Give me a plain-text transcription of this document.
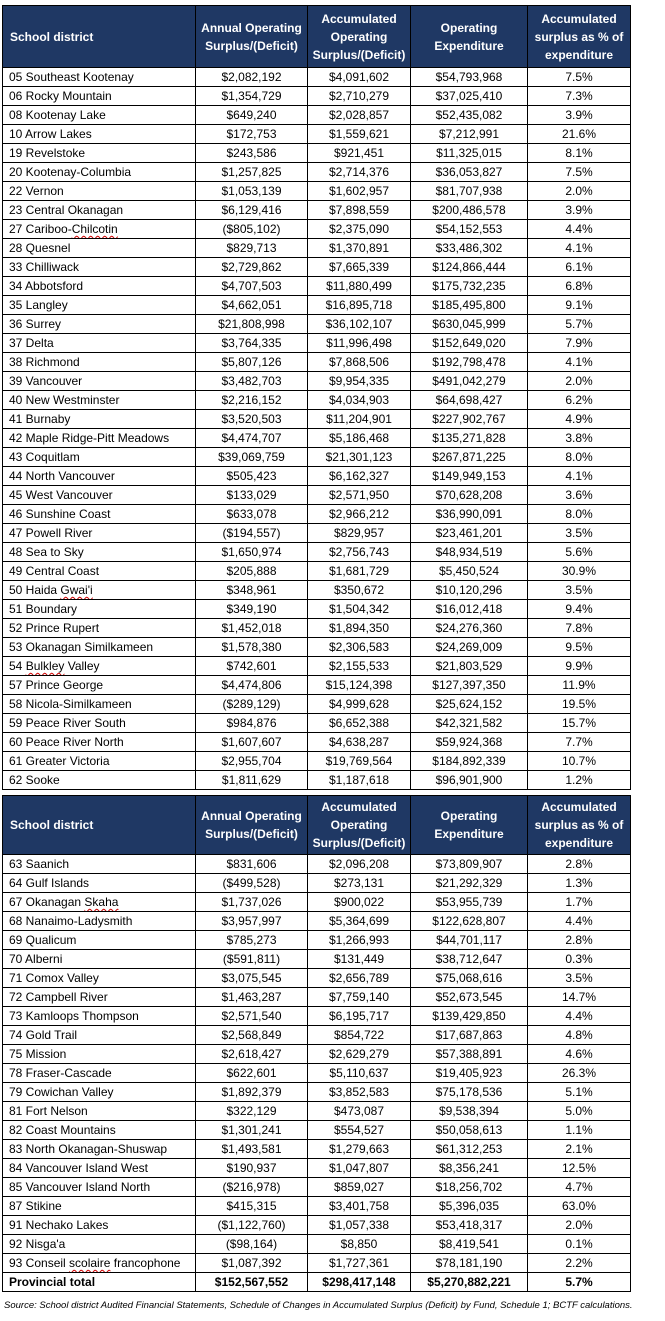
School district	Annual Operating Surplus/(Deficit)	Accumulated Operating Surplus/(Deficit)	Operating Expenditure	Accumulated surplus as % of expenditure
05 Southeast Kootenay	$2,082,192	$4,091,602	$54,793,968	7.5%
06 Rocky Mountain	$1,354,729	$2,710,279	$37,025,410	7.3%
08 Kootenay Lake	$649,240	$2,028,857	$52,435,082	3.9%
10 Arrow Lakes	$172,753	$1,559,621	$7,212,991	21.6%
19 Revelstoke	$243,586	$921,451	$11,325,015	8.1%
20 Kootenay-Columbia	$1,257,825	$2,714,376	$36,053,827	7.5%
22 Vernon	$1,053,139	$1,602,957	$81,707,938	2.0%
23 Central Okanagan	$6,129,416	$7,898,559	$200,486,578	3.9%
27 Cariboo-Chilcotin	($805,102)	$2,375,090	$54,152,553	4.4%
28 Quesnel	$829,713	$1,370,891	$33,486,302	4.1%
33 Chilliwack	$2,729,862	$7,665,339	$124,866,444	6.1%
34 Abbotsford	$4,707,503	$11,880,499	$175,732,235	6.8%
35 Langley	$4,662,051	$16,895,718	$185,495,800	9.1%
36 Surrey	$21,808,998	$36,102,107	$630,045,999	5.7%
37 Delta	$3,764,335	$11,996,498	$152,649,020	7.9%
38 Richmond	$5,807,126	$7,868,506	$192,798,478	4.1%
39 Vancouver	$3,482,703	$9,954,335	$491,042,279	2.0%
40 New Westminster	$2,216,152	$4,034,903	$64,698,427	6.2%
41 Burnaby	$3,520,503	$11,204,901	$227,902,767	4.9%
42 Maple Ridge-Pitt Meadows	$4,474,707	$5,186,468	$135,271,828	3.8%
43 Coquitlam	$39,069,759	$21,301,123	$267,871,225	8.0%
44 North Vancouver	$505,423	$6,162,327	$149,949,153	4.1%
45 West Vancouver	$133,029	$2,571,950	$70,628,208	3.6%
46 Sunshine Coast	$633,078	$2,966,212	$36,990,091	8.0%
47 Powell River	($194,557)	$829,957	$23,461,201	3.5%
48 Sea to Sky	$1,650,974	$2,756,743	$48,934,519	5.6%
49 Central Coast	$205,888	$1,681,729	$5,450,524	30.9%
50 Haida Gwai'i	$348,961	$350,672	$10,120,296	3.5%
51 Boundary	$349,190	$1,504,342	$16,012,418	9.4%
52 Prince Rupert	$1,452,018	$1,894,350	$24,276,360	7.8%
53 Okanagan Similkameen	$1,578,380	$2,306,583	$24,269,009	9.5%
54 Bulkley Valley	$742,601	$2,155,533	$21,803,529	9.9%
57 Prince George	$4,474,806	$15,124,398	$127,397,350	11.9%
58 Nicola-Similkameen	($289,129)	$4,999,628	$25,624,152	19.5%
59 Peace River South	$984,876	$6,652,388	$42,321,582	15.7%
60 Peace River North	$1,607,607	$4,638,287	$59,924,368	7.7%
61 Greater Victoria	$2,955,704	$19,769,564	$184,892,339	10.7%
62 Sooke	$1,811,629	$1,187,618	$96,901,900	1.2%
School district	Annual Operating Surplus/(Deficit)	Accumulated Operating Surplus/(Deficit)	Operating Expenditure	Accumulated surplus as % of expenditure
63 Saanich	$831,606	$2,096,208	$73,809,907	2.8%
64 Gulf Islands	($499,528)	$273,131	$21,292,329	1.3%
67 Okanagan Skaha	$1,737,026	$900,022	$53,955,739	1.7%
68 Nanaimo-Ladysmith	$3,957,997	$5,364,699	$122,628,807	4.4%
69 Qualicum	$785,273	$1,266,993	$44,701,117	2.8%
70 Alberni	($591,811)	$131,449	$38,712,647	0.3%
71 Comox Valley	$3,075,545	$2,656,789	$75,068,616	3.5%
72 Campbell River	$1,463,287	$7,759,140	$52,673,545	14.7%
73 Kamloops Thompson	$2,571,540	$6,195,717	$139,429,850	4.4%
74 Gold Trail	$2,568,849	$854,722	$17,687,863	4.8%
75 Mission	$2,618,427	$2,629,279	$57,388,891	4.6%
78 Fraser-Cascade	$622,601	$5,110,637	$19,405,923	26.3%
79 Cowichan Valley	$1,892,379	$3,852,583	$75,178,536	5.1%
81 Fort Nelson	$322,129	$473,087	$9,538,394	5.0%
82 Coast Mountains	$1,301,241	$554,527	$50,058,613	1.1%
83 North Okanagan-Shuswap	$1,493,581	$1,279,663	$61,312,253	2.1%
84 Vancouver Island West	$190,937	$1,047,807	$8,356,241	12.5%
85 Vancouver Island North	($216,978)	$859,027	$18,256,702	4.7%
87 Stikine	$415,315	$3,401,758	$5,396,035	63.0%
91 Nechako Lakes	($1,122,760)	$1,057,338	$53,418,317	2.0%
92 Nisga'a	($98,164)	$8,850	$8,419,541	0.1%
93 Conseil scolaire francophone	$1,087,392	$1,727,361	$78,181,190	2.2%
Provincial total	$152,567,552	$298,417,148	$5,270,882,221	5.7%
Source: School district Audited Financial Statements, Schedule of Changes in Accumulated Surplus (Deficit) by Fund, Schedule 1; BCTF calculations.
